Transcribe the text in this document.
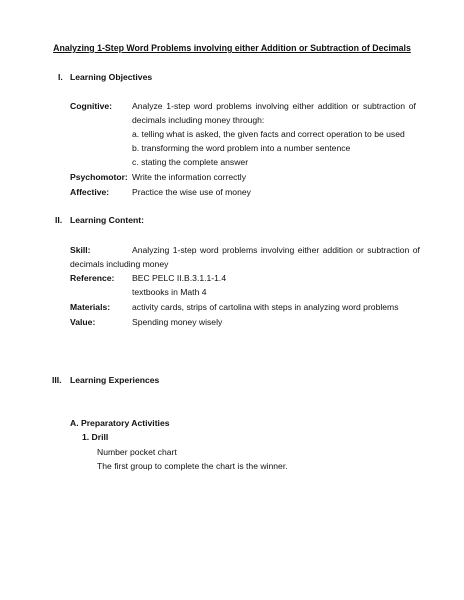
Analyzing 1-Step Word Problems involving either Addition or Subtraction of Decimals
I. Learning Objectives
Cognitive: Analyze 1-step word problems involving either addition or subtraction of
decimals including money through:
a. telling what is asked, the given facts and correct operation to be used
b. transforming the word problem into a number sentence
c. stating the complete answer
Psychomotor: Write the information correctly
Affective:	Practice the wise use of money
II. Learning Content:
Skill:	Analyzing 1-step word problems involving either addition or subtraction of
decimals including money
Reference: BEC PELC II.B.3.1.1-1.4
textbooks in Math 4
Materials:	activity cards, strips of cartolina with steps in analyzing word problems
Value:	Spending money wisely
III. Learning Experiences
A. Preparatory Activities
1. Drill
Number pocket chart
The first group to complete the chart is the winner.
